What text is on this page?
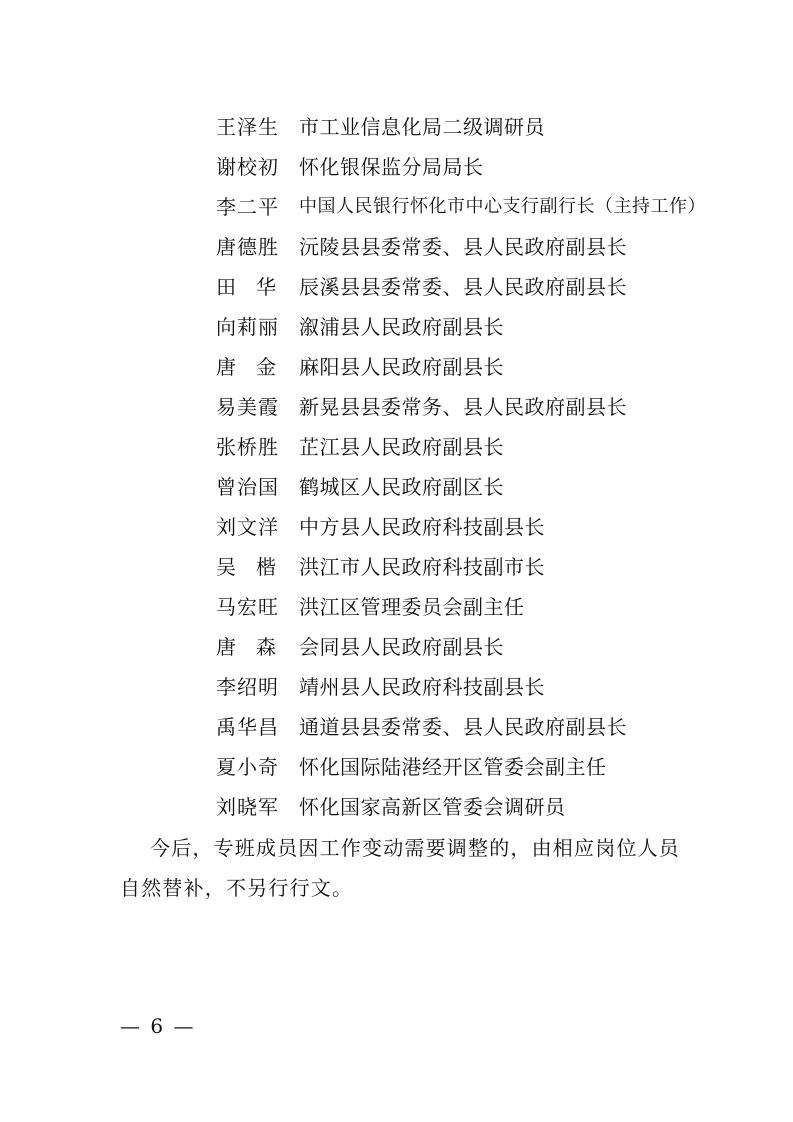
王泽生 市工业信息化局二级调研员
谢校初 怀化银保监分局局长
李二平 中国人民银行怀化市中心支行副行长（主持工作）
唐德胜 沅陵县县委常委、县人民政府副县长
田 华 辰溪县县委常委、县人民政府副县长
向莉丽 溆浦县人民政府副县长
唐 金 麻阳县人民政府副县长
易美霞 新晃县县委常务、县人民政府副县长
张桥胜 芷江县人民政府副县长
曾治国 鹤城区人民政府副区长
刘文洋 中方县人民政府科技副县长
吴 楷 洪江市人民政府科技副市长
马宏旺 洪江区管理委员会副主任
唐 森 会同县人民政府副县长
李绍明 靖州县人民政府科技副县长
禹华昌 通道县县委常委、县人民政府副县长
夏小奇 怀化国际陆港经开区管委会副主任
刘晓军 怀化国家高新区管委会调研员

今后，专班成员因工作变动需要调整的，由相应岗位人员自然替补，不另行行文。

— 6 —
